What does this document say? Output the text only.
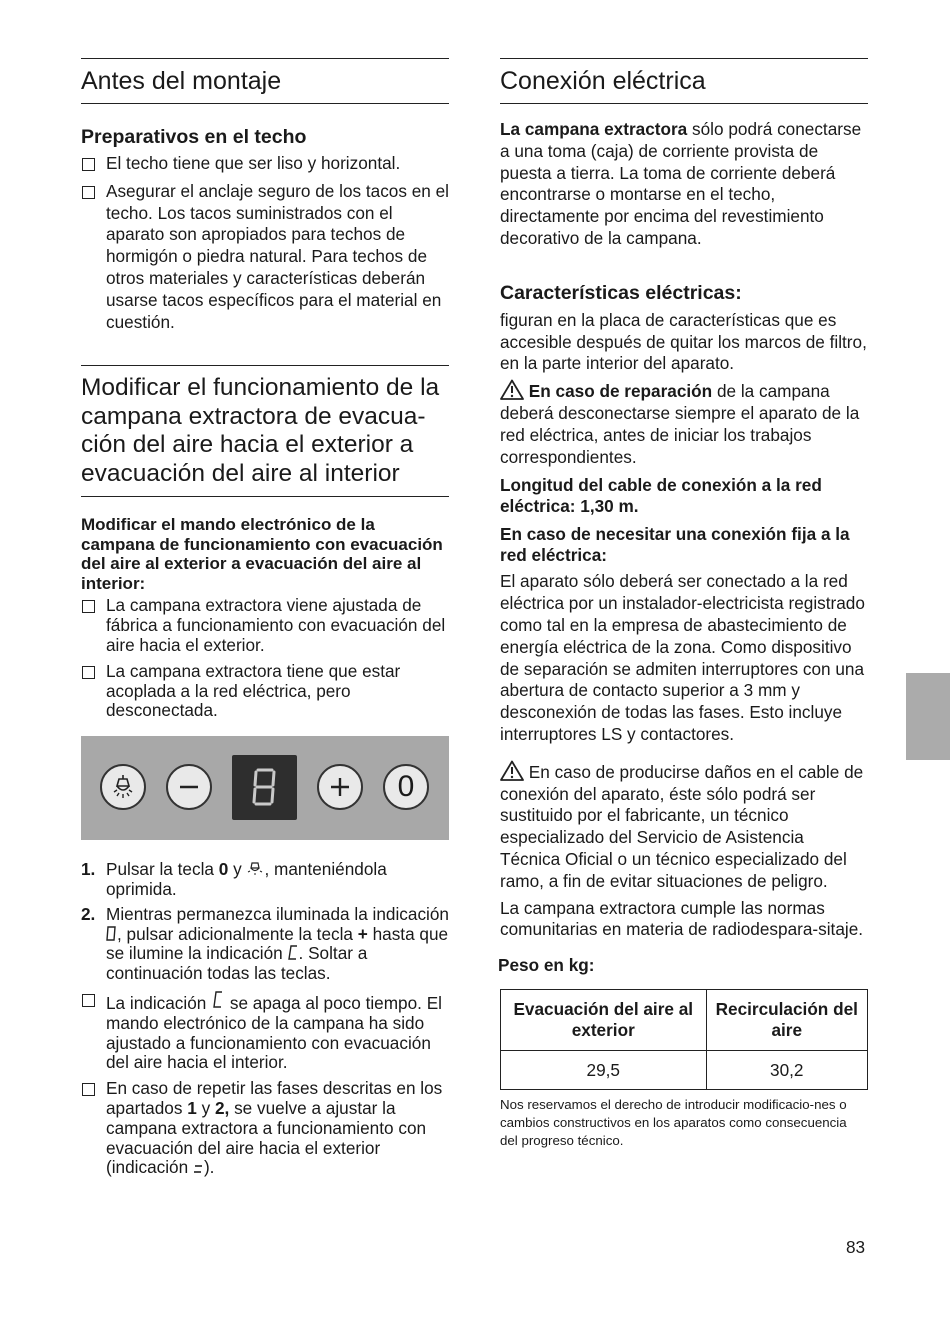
Antes del montaje
Preparativos en el techo
El techo tiene que ser liso y horizontal.
Asegurar el anclaje seguro de los tacos en el techo. Los tacos suministrados con el aparato son apropiados para techos de hormigón o piedra natural. Para techos de otros materiales y características deberán usarse tacos específicos para el material en cuestión.
Modificar el funcionamiento de la campana extractora de evacua-ción del aire hacia el exterior a evacuación del aire al interior
Modificar el mando electrónico de la campana de funcionamiento con evacuación del aire al exterior a evacuación del aire al interior:
La campana extractora viene ajustada de fábrica a funcionamiento con evacuación del aire hacia el exterior.
La campana extractora tiene que estar acoplada a la red eléctrica, pero desconectada.
0
1. Pulsar la tecla 0 y , manteniéndola oprimida.
2. Mientras permanezca iluminada la indicación , pulsar adicionalmente la tecla + hasta que se ilumine la indicación . Soltar a continuación todas las teclas.
La indicación  se apaga al poco tiempo. El mando electrónico de la campana ha sido ajustado a funcionamiento con evacuación del aire hacia el interior.
En caso de repetir las fases descritas en los apartados 1 y 2, se vuelve a ajustar la campana extractora a funcionamiento con evacuación del aire hacia el exterior (indicación ).
Conexión eléctrica

La campana extractora sólo podrá conectarse a una toma (caja) de corriente provista de puesta a tierra. La toma de corriente deberá encontrarse o montarse en el techo, directamente por encima del revestimiento decorativo de la campana.

Características eléctricas:

figuran en la placa de características que es accesible después de quitar los marcos de filtro, en la parte interior del aparato.

En caso de reparación de la campana deberá desconectarse siempre el aparato de la red eléctrica, antes de iniciar los trabajos correspondientes.

Longitud del cable de conexión a la red eléctrica: 1,30 m.
En caso de necesitar una conexión fija a la red eléctrica:

El aparato sólo deberá ser conectado a la red eléctrica por un instalador-electricista registrado como tal en la empresa de abastecimiento de energía eléctrica de la zona. Como dispositivo de separación se admiten interruptores con una abertura de contacto superior a 3 mm y desconexión de todas las fases. Esto incluye interruptores LS y contactores.

En caso de producirse daños en el cable de conexión del aparato, éste sólo podrá ser sustituido por el fabricante, un técnico especializado del Servicio de Asistencia Técnica Oficial o un técnico especializado del ramo, a fin de evitar situaciones de peligro.

La campana extractora cumple las normas comunitarias en materia de radiodespara-sitaje.

Peso en kg:
Evacuación del aire al exterior	Recirculación del aire
29,5	30,2

Nos reservamos el derecho de introducir modificacio-nes o cambios constructivos en los aparatos como consecuencia del progreso técnico.

83
